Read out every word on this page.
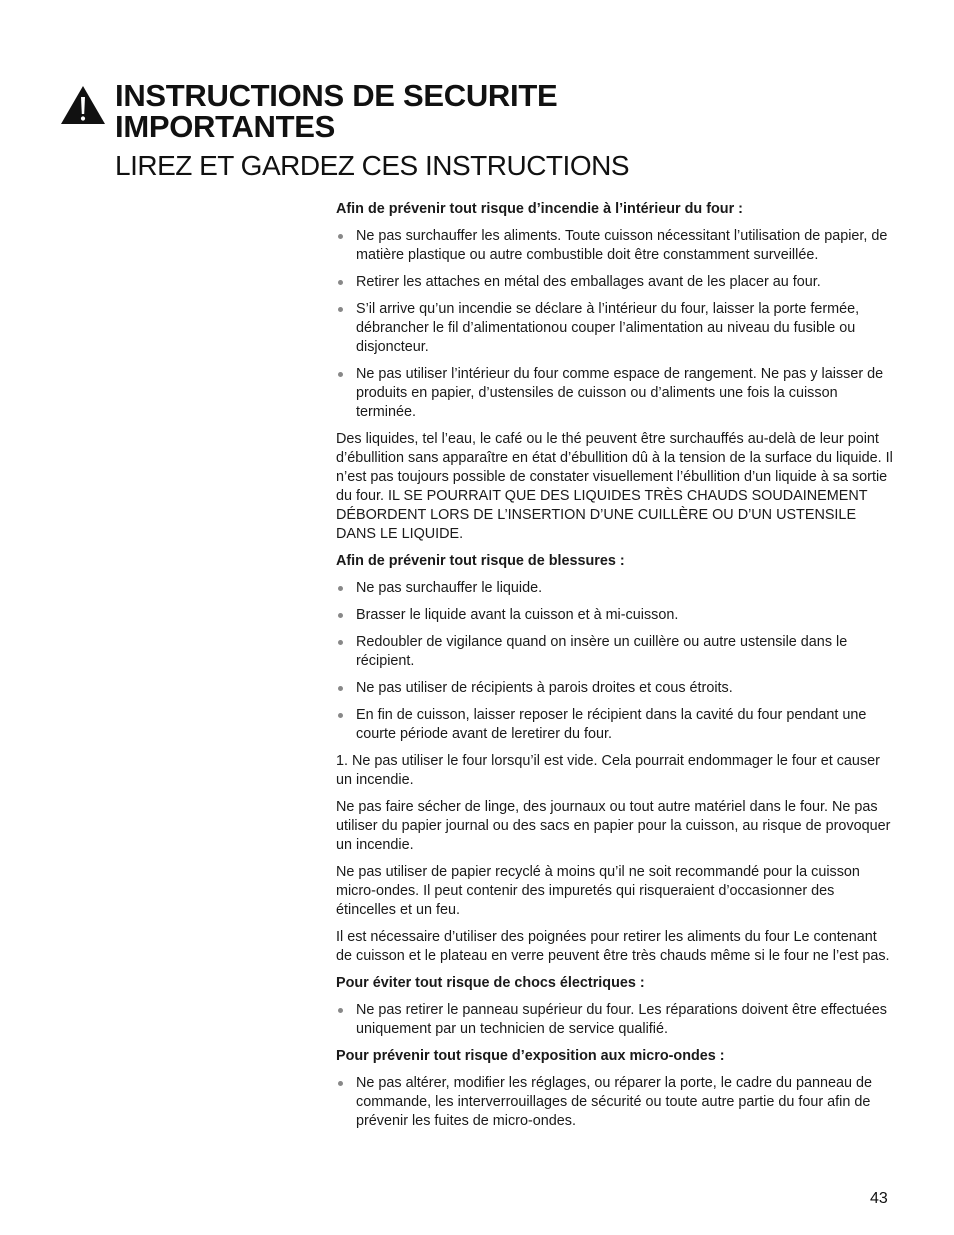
INSTRUCTIONS DE SECURITE
IMPORTANTES
LIREZ ET GARDEZ CES INSTRUCTIONS

Afin de prévenir tout risque d’incendie à l’intérieur du four :

Ne pas surchauffer les aliments. Toute cuisson nécessitant l’utilisation de papier, de matière plastique ou autre combustible doit être constamment surveillée.
Retirer les attaches en métal des emballages avant de les placer au four.
S’il arrive qu’un incendie se déclare à l’intérieur du four, laisser la porte fermée, débrancher le fil d’alimentationou couper l’alimentation au niveau du fusible ou disjoncteur.
Ne pas utiliser l’intérieur du four comme espace de rangement. Ne pas y laisser de produits en papier, d’ustensiles de cuisson ou d’aliments une fois la cuisson terminée.

Des liquides, tel l’eau, le café ou le thé peuvent être surchauffés au-delà de leur point d’ébullition sans apparaître en état d’ébullition dû à la tension de la surface du liquide. Il n’est pas toujours possible de constater visuellement l’ébullition d’un liquide à sa sortie du four. IL SE POURRAIT QUE DES LIQUIDES TRÈS CHAUDS SOUDAINEMENT DÉBORDENT LORS DE L’INSERTION D’UNE CUILLÈRE OU D’UN USTENSILE DANS LE LIQUIDE.

Afin de prévenir tout risque de blessures :

Ne pas surchauffer le liquide.
Brasser le liquide avant la cuisson et à mi-cuisson.
Redoubler de vigilance quand on insère un cuillère ou autre ustensile dans le récipient.
Ne pas utiliser de récipients à parois droites et cous étroits.
En fin de cuisson, laisser reposer le récipient dans la cavité du four pendant une courte période avant de leretirer du four.

1. Ne pas utiliser le four lorsqu’il est vide. Cela pourrait endommager le four et causer un incendie.

Ne pas faire sécher de linge, des journaux ou tout autre matériel dans le four. Ne pas utiliser du papier journal ou des sacs en papier pour la cuisson, au risque de provoquer un incendie.

Ne pas utiliser de papier recyclé à moins qu’il ne soit recommandé pour la cuisson micro-ondes. Il peut contenir des impuretés qui risqueraient d’occasionner des étincelles et un feu.

Il est nécessaire d’utiliser des poignées pour retirer les aliments du four Le contenant de cuisson et le plateau en verre peuvent être très chauds même si le four ne l’est pas.

Pour éviter tout risque de chocs électriques :

Ne pas retirer le panneau supérieur du four. Les réparations doivent être effectuées uniquement par un technicien de service qualifié.

Pour prévenir tout risque d’exposition aux micro-ondes :

Ne pas altérer, modifier les réglages, ou réparer la porte, le cadre du panneau de commande, les interverrouillages de sécurité ou toute autre partie du four afin de prévenir les fuites de micro-ondes.
43
